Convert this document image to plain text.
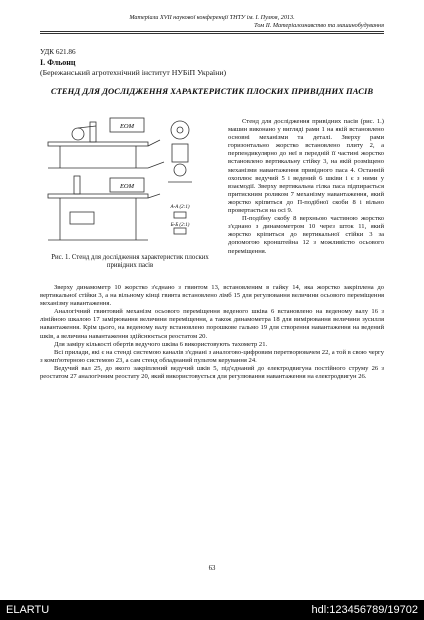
Матеріали XVII наукової конференції ТНТУ ім. І. Пулюя, 2013.
Том ІІ. Матеріалознавство та машинобудування
УДК 621.86
І. Фльонц
(Бережанський агротехнічний інститут НУБіП України)
СТЕНД ДЛЯ ДОСЛІДЖЕННЯ ХАРАКТЕРИСТИК ПЛОСКИХ ПРИВІДНИХ ПАСІВ
ЕОМ
ЕОМ
А-А (2:1)
Б-Б (2:1)
Рис. 1. Стенд для дослідження характеристик плоских привідних пасів

Стенд для дослідження привідних пасів (рис. 1.) машин виконано у вигляді рами 1 на якій встановлено основні механізми та деталі. Зверху рами горизонтально жорстко встановлено плиту 2, а перпендикулярно до неї в передній її частині жорстко встановлено вертикальну стійку 3, на якій розміщено механізми навантаження привідного паса 4. Останній охоплює ведучий 5 і ведений 6 шківи і є з ними у взаємодії. Зверху вертикальна гілка паса підпирається притискним роликом 7 механізму навантаження, який жорстко кріпиться до П-подібної скоби 8 і вільно провертається на осі 9.

П-подібну скобу 8 верхньою частиною жорстко з'єднано з динамометром 10 через шток 11, який жорстко кріпиться до вертикальної стійки 3 за допомогою кронштейна 12 з можливістю осьового переміщення.

Зверху динамометр 10 жорстко з'єднано з гвинтом 13, встановленим в гайку 14, яка жорстко закріплена до вертикальної стійки 3, а на вільному кінці гвинта встановлено лімб 15 для регулювання величини осьового переміщення механізму навантаження.

Аналогічний гвинтовий механізм осьового переміщення веденого шківа 6 встановлено на веденому валу 16 з лінійною шкалою 17 замірювання величини переміщення, а також динамометра 18 для вимірювання величини зусилля навантаження. Крім цього, на веденому валу встановлено порошкове гальмо 19 для створення навантаження на ведений шків, а величина навантаження здійснюється реостатом 20.

Для заміру кількості обертів ведучого шківа 6 використовують тахометр 21.

Всі прилади, які є на стенді системою каналів з'єднані з аналогово-цифровим перетворювачем 22, а той в свою чергу з комп'ютерною системою 23, а сам стенд обладнаний пультом керування 24.

Ведучий вал 25, до якого закріплений ведучий шків 5, під'єднаний до електродвигуна постійного струму 26 з реостатом 27 аналогічним реостату 20, який використовується для регулювання навантаження на електродвигун 26.

63
ELARTU	hdl:123456789/19702
